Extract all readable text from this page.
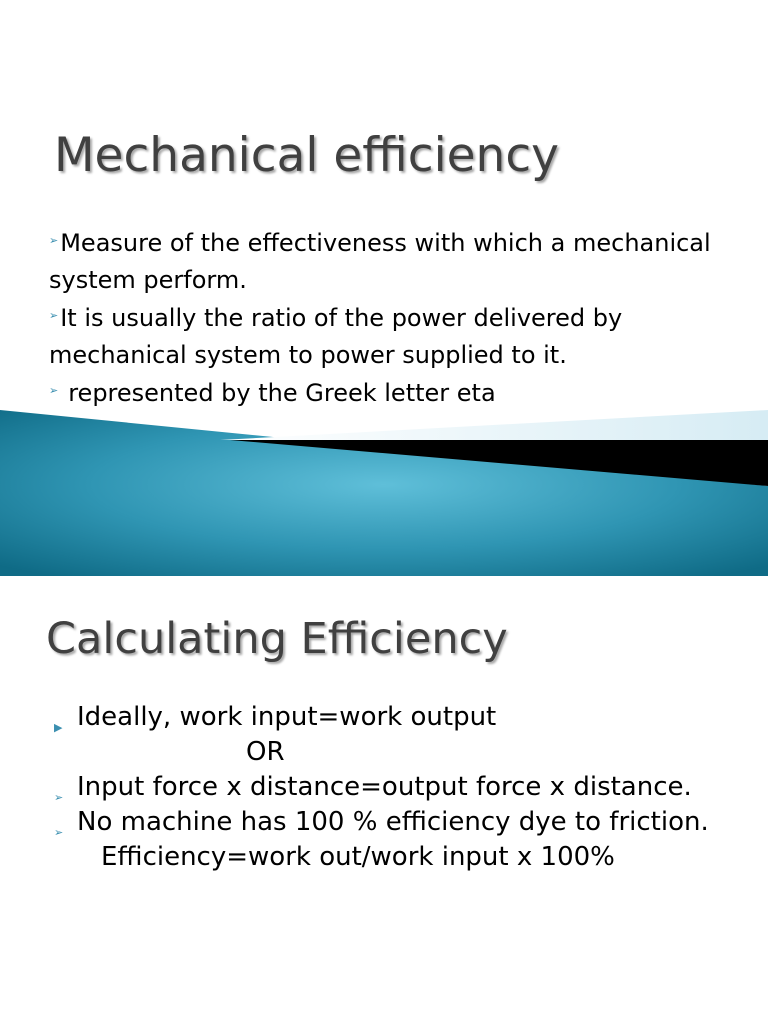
Mechanical efficiency
➢Measure of the effectiveness with which a mechanical system perform.
➢It is usually the ratio of the power delivered by mechanical system to power supplied to it.
➢ represented by the Greek letter eta
Calculating Efficiency
▶ Ideally, work input=work output
OR
➢ Input force x distance=output force x distance.
➢ No machine has 100 % efficiency dye to friction.
Efficiency=work out/work input x 100%
